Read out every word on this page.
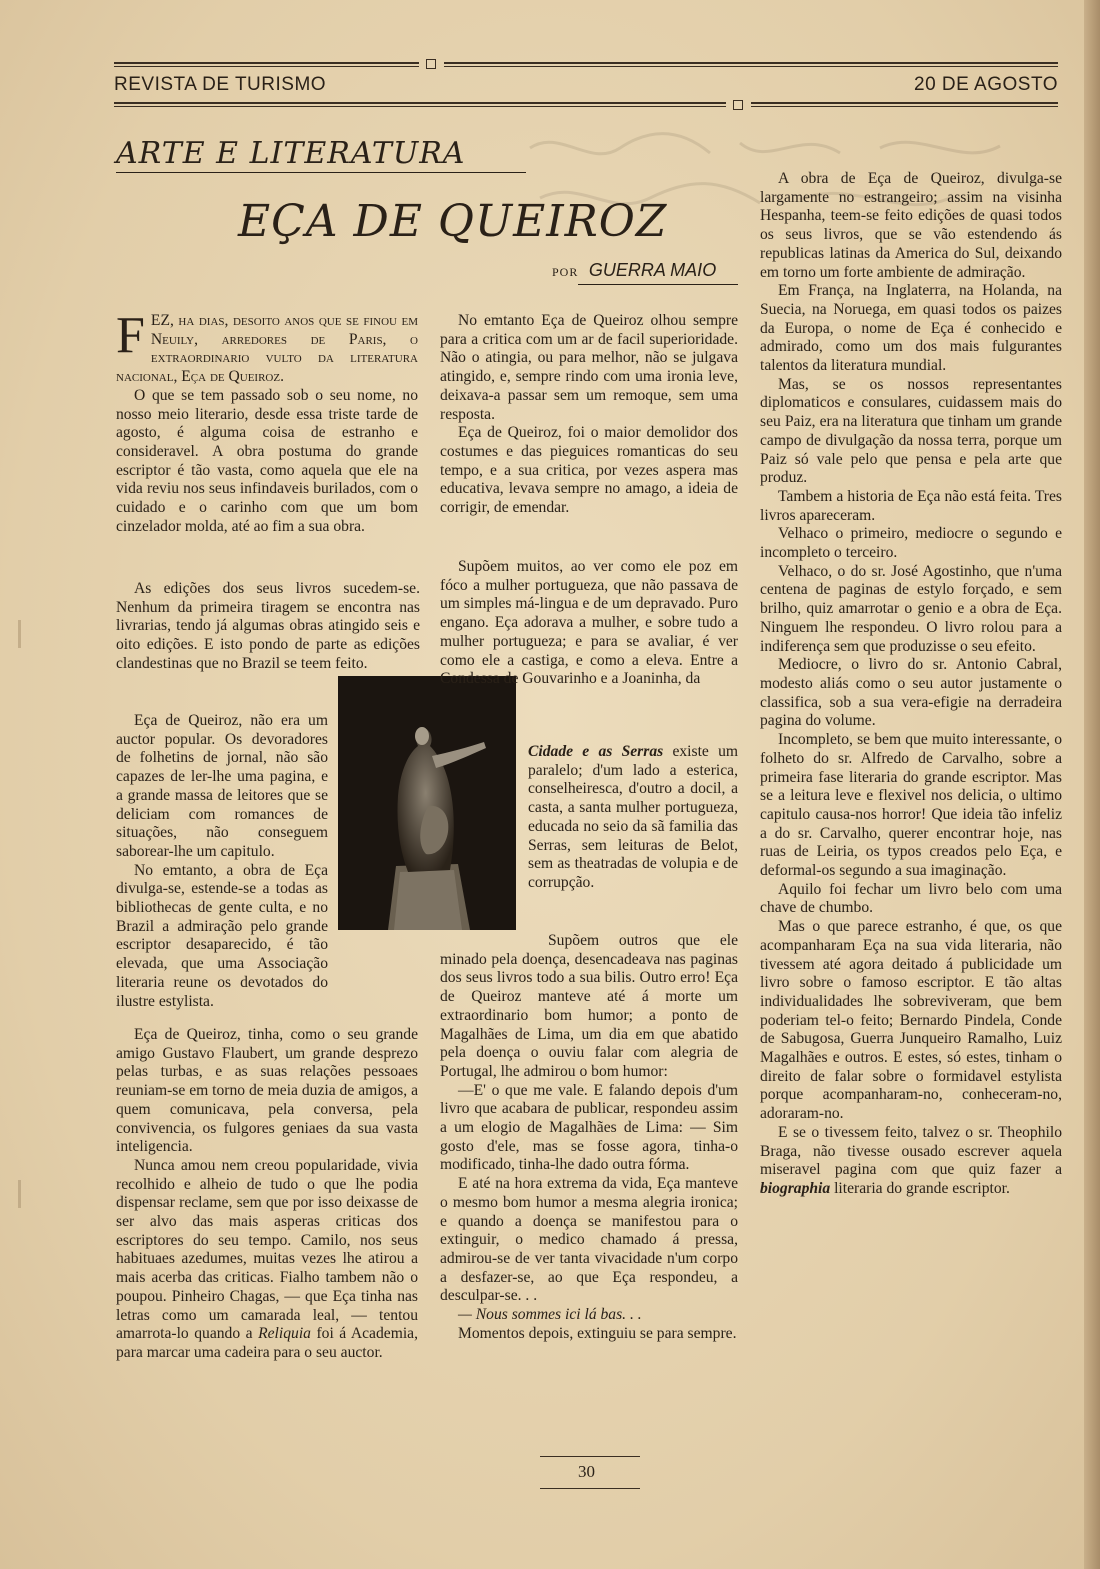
REVISTA DE TURISMO	20 DE AGOSTO
ARTE E LITERATURA
EÇA DE QUEIROZ
POR GUERRA MAIO

FEZ, ha dias, desoito anos que se finou em Neuily, arredores de Paris, o extraordinario vulto da literatura nacional, Eça de Queiroz.

O que se tem passado sob o seu nome, no nosso meio literario, desde essa triste tarde de agosto, é alguma coisa de estranho e consideravel. A obra postuma do grande escriptor é tão vasta, como aquela que ele na vida reviu nos seus infindaveis burilados, com o cuidado e o carinho com que um bom cinzelador molda, até ao fim a sua obra.

As edições dos seus livros sucedem-se. Nenhum da primeira tiragem se encontra nas livrarias, tendo já algumas obras atingido seis e oito edições. E isto pondo de parte as edições clandestinas que no Brazil se teem feito.

Eça de Queiroz, não era um auctor popular. Os devoradores de folhetins de jornal, não são capazes de ler-lhe uma pagina, e a grande massa de leitores que se deliciam com romances de situações, não conseguem saborear-lhe um capitulo.

No emtanto, a obra de Eça divulga-se, estende-se a todas as bibliothecas de gente culta, e no Brazil a admiração pelo grande escriptor desaparecido, é tão elevada, que uma Associação literaria reune os devotados do ilustre estylista.

Eça de Queiroz, tinha, como o seu grande amigo Gustavo Flaubert, um grande desprezo pelas turbas, e as suas relações pessoaes reuniam-se em torno de meia duzia de amigos, a quem comunicava, pela conversa, pela convivencia, os fulgores geniaes da sua vasta inteligencia.

Nunca amou nem creou popularidade, vivia recolhido e alheio de tudo o que lhe podia dispensar reclame, sem que por isso deixasse de ser alvo das mais asperas criticas dos escriptores do seu tempo. Camilo, nos seus habituaes azedumes, muitas vezes lhe atirou a mais acerba das criticas. Fialho tambem não o poupou. Pinheiro Chagas, — que Eça tinha nas letras como um camarada leal, — tentou amarrota-lo quando a Reliquia foi á Academia, para marcar uma cadeira para o seu auctor.

No emtanto Eça de Queiroz olhou sempre para a critica com um ar de facil superioridade. Não o atingia, ou para melhor, não se julgava atingido, e, sempre rindo com uma ironia leve, deixava-a passar sem um remoque, sem uma resposta.

Eça de Queiroz, foi o maior demolidor dos costumes e das pieguices romanticas do seu tempo, e a sua critica, por vezes aspera mas educativa, levava sempre no amago, a ideia de corrigir, de emendar.

Supõem muitos, ao ver como ele poz em fóco a mulher portugueza, que não passava de um simples má-lingua e de um depravado. Puro engano. Eça adorava a mulher, e sobre tudo a mulher portugueza; e para se avaliar, é ver como ele a castiga, e como a eleva. Entre a Condessa de Gouvarinho e a Joaninha, da

Cidade e as Serras existe um paralelo; d'um lado a esterica, conselheiresca, d'outro a docil, a casta, a santa mulher portugueza, educada no seio da sã familia das Serras, sem leituras de Belot, sem as theatradas de volupia e de corrupção.

Supõem outros que ele minado pela doença, desencadeava nas paginas dos seus livros todo a sua bilis. Outro erro! Eça de Queiroz manteve até á morte um extraordinario bom humor; a ponto de Magalhães de Lima, um dia em que abatido pela doença o ouviu falar com alegria de Portugal, lhe admirou o bom humor:

—E' o que me vale. E falando depois d'um livro que acabara de publicar, respondeu assim a um elogio de Magalhães de Lima: — Sim gosto d'ele, mas se fosse agora, tinha-o modificado, tinha-lhe dado outra fórma.

E até na hora extrema da vida, Eça manteve o mesmo bom humor a mesma alegria ironica; e quando a doença se manifestou para o extinguir, o medico chamado á pressa, admirou-se de ver tanta vivacidade n'um corpo a desfazer-se, ao que Eça respondeu, a desculpar-se. . .

— Nous sommes ici lá bas. . .

Momentos depois, extinguiu se para sempre.

A obra de Eça de Queiroz, divulga-se largamente no estrangeiro; assim na visinha Hespanha, teem-se feito edições de quasi todos os seus livros, que se vão estendendo ás republicas latinas da America do Sul, deixando em torno um forte ambiente de admiração.

Em França, na Inglaterra, na Holanda, na Suecia, na Noruega, em quasi todos os paizes da Europa, o nome de Eça é conhecido e admirado, como um dos mais fulgurantes talentos da literatura mundial.

Mas, se os nossos representantes diplomaticos e consulares, cuidassem mais do seu Paiz, era na literatura que tinham um grande campo de divulgação da nossa terra, porque um Paiz só vale pelo que pensa e pela arte que produz.

Tambem a historia de Eça não está feita. Tres livros apareceram.

Velhaco o primeiro, mediocre o segundo e incompleto o terceiro.

Velhaco, o do sr. José Agostinho, que n'uma centena de paginas de estylo forçado, e sem brilho, quiz amarrotar o genio e a obra de Eça. Ninguem lhe respondeu. O livro rolou para a indiferença sem que produzisse o seu efeito.

Mediocre, o livro do sr. Antonio Cabral, modesto aliás como o seu autor justamente o classifica, sob a sua vera-efigie na derradeira pagina do volume.

Incompleto, se bem que muito interessante, o folheto do sr. Alfredo de Carvalho, sobre a primeira fase literaria do grande escriptor. Mas se a leitura leve e flexivel nos delicia, o ultimo capitulo causa-nos horror! Que ideia tão infeliz a do sr. Carvalho, querer encontrar hoje, nas ruas de Leiria, os typos creados pelo Eça, e deformal-os segundo a sua imaginação.

Aquilo foi fechar um livro belo com uma chave de chumbo.

Mas o que parece estranho, é que, os que acompanharam Eça na sua vida literaria, não tivessem até agora deitado á publicidade um livro sobre o famoso escriptor. E tão altas individualidades lhe sobreviveram, que bem poderiam tel-o feito; Bernardo Pindela, Conde de Sabugosa, Guerra Junqueiro Ramalho, Luiz Magalhães e outros. E estes, só estes, tinham o direito de falar sobre o formidavel estylista porque acompanharam-no, conheceram-no, adoraram-no.

E se o tivessem feito, talvez o sr. Theophilo Braga, não tivesse ousado escrever aquela miseravel pagina com que quiz fazer a biographia literaria do grande escriptor.

30
